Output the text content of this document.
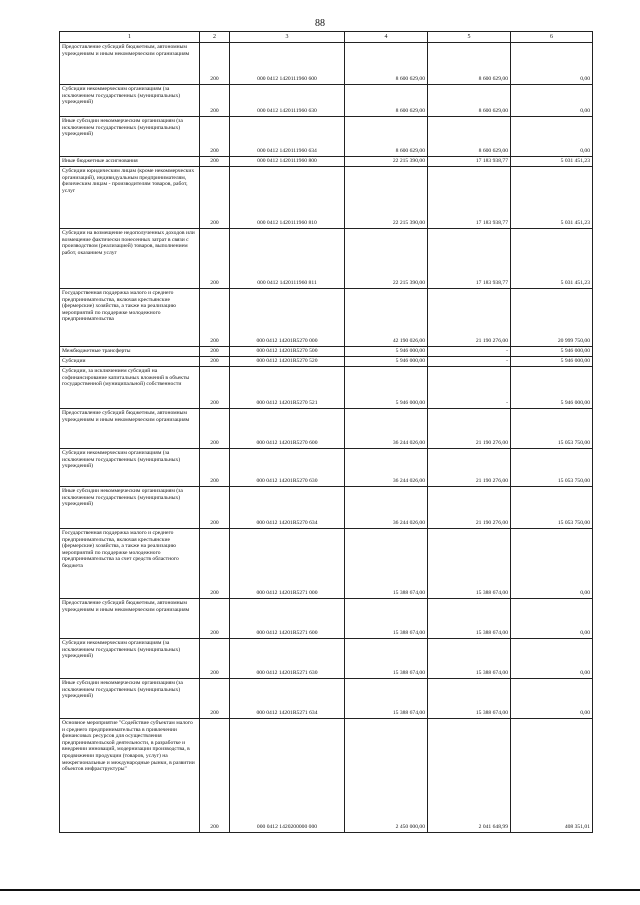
88
1	2	3	4	5	6
Предоставление субсидий бюджетным, автономным учреждениям и иным некоммерческим организациям	200	000 0412 1420111960 600	8 600 629,00	8 600 629,00	0,00
Субсидии некоммерческим организациям (за исключением государственных (муниципальных) учреждений)	200	000 0412 1420111960 630	8 600 629,00	8 600 629,00	0,00
Иные субсидии некоммерческим организациям (за исключением государственных (муниципальных) учреждений)	200	000 0412 1420111960 634	8 600 629,00	8 600 629,00	0,00
Иные бюджетные ассигнования	200	000 0412 1420111960 800	22 215 390,00	17 183 938,77	5 031 451,23
Субсидии юридическим лицам (кроме некоммерческих организаций), индивидуальным предпринимателям, физическим лицам - производителям товаров, работ, услуг	200	000 0412 1420111960 810	22 215 390,00	17 183 938,77	5 031 451,23
Субсидии на возмещение недополученных доходов или возмещение фактически понесенных затрат в связи с производством (реализацией) товаров, выполнением работ, оказанием услуг	200	000 0412 1420111960 811	22 215 390,00	17 183 938,77	5 031 451,23
Государственная поддержка малого и среднего предпринимательства, включая крестьянские (фермерские) хозяйства, а также на реализацию мероприятий по поддержке молодежного предпринимательства	200	000 0412 14201R5270 000	42 190 026,00	21 190 276,00	20 999 750,00
Межбюджетные трансферты	200	000 0412 14201R5270 500	5 946 000,00	-	5 946 000,00
Субсидии	200	000 0412 14201R5270 520	5 946 000,00	-	5 946 000,00
Субсидии, за исключением субсидий на софинансирование капитальных вложений в объекты государственной (муниципальной) собственности	200	000 0412 14201R5270 521	5 946 000,00	-	5 946 000,00
Предоставление субсидий бюджетным, автономным учреждениям и иным некоммерческим организациям	200	000 0412 14201R5270 600	36 244 026,00	21 190 276,00	15 053 750,00
Субсидии некоммерческим организациям (за исключением государственных (муниципальных) учреждений)	200	000 0412 14201R5270 630	36 244 026,00	21 190 276,00	15 053 750,00
Иные субсидии некоммерческим организациям (за исключением государственных (муниципальных) учреждений)	200	000 0412 14201R5270 634	36 244 026,00	21 190 276,00	15 053 750,00
Государственная поддержка малого и среднего предпринимательства, включая крестьянские (фермерские) хозяйства, а также на реализацию мероприятий по поддержке молодежного предпринимательства за счет средств областного бюджета	200	000 0412 14201R5271 000	15 388 674,00	15 388 674,00	0,00
Предоставление субсидий бюджетным, автономным учреждениям и иным некоммерческим организациям	200	000 0412 14201R5271 600	15 388 674,00	15 388 674,00	0,00
Субсидии некоммерческим организациям (за исключением государственных (муниципальных) учреждений)	200	000 0412 14201R5271 630	15 388 674,00	15 388 674,00	0,00
Иные субсидии некоммерческим организациям (за исключением государственных (муниципальных) учреждений)	200	000 0412 14201R5271 634	15 388 674,00	15 388 674,00	0,00
Основное мероприятие "Содействие субъектам малого и среднего предпринимательства в привлечении финансовых ресурсов для осуществления предпринимательской деятельности, в разработке и внедрении инноваций, модернизации производства, в продвижении продукции (товаров, услуг) на межрегиональные и международные рынки, в развитии объектов инфраструктуры"	200	000 0412 1420200000 000	2 450 000,00	2 041 648,99	408 351,01
